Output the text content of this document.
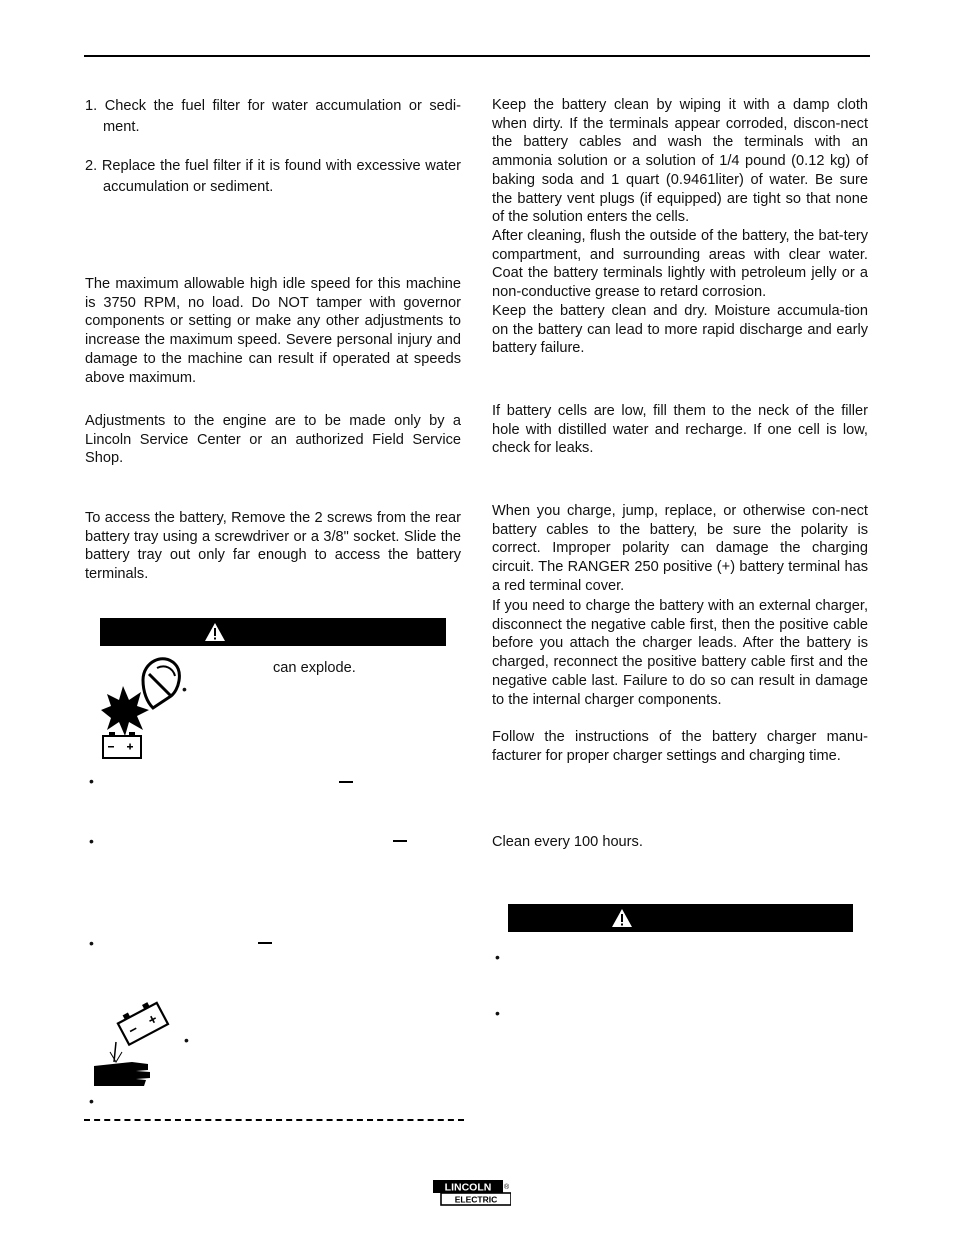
1. Check the fuel filter for water accumulation or sedi-ment.

2. Replace the fuel filter if it is found with excessive water accumulation or sediment.

The maximum allowable high idle speed for this machine is 3750 RPM, no load. Do NOT tamper with governor components or setting or make any other adjustments to increase the maximum speed. Severe personal injury and damage to the machine can result if operated at speeds above maximum.

Adjustments to the engine are to be made only by a Lincoln Service Center or an authorized Field Service Shop.

To access the battery, Remove the 2 screws from the rear battery tray using a screwdriver or a 3/8" socket. Slide the battery tray out only far enough to access the battery terminals.

can explode.
•
•
•
•
•
•

Keep the battery clean by wiping it with a damp cloth when dirty. If the terminals appear corroded, discon-nect the battery cables and wash the terminals with an ammonia solution or a solution of 1/4 pound (0.12 kg) of baking soda and 1 quart (0.9461liter) of water. Be sure the battery vent plugs (if equipped) are tight so that none of the solution enters the cells.

After cleaning, flush the outside of the battery, the bat-tery compartment, and surrounding areas with clear water. Coat the battery terminals lightly with petroleum jelly or a non-conductive grease to retard corrosion.

Keep the battery clean and dry. Moisture accumula-tion on the battery can lead to more rapid discharge and early battery failure.

If battery cells are low, fill them to the neck of the filler hole with distilled water and recharge. If one cell is low, check for leaks.

When you charge, jump, replace, or otherwise con-nect battery cables to the battery, be sure the polarity is correct. Improper polarity can damage the charging circuit. The RANGER 250 positive (+) battery terminal has a red terminal cover.

If you need to charge the battery with an external charger, disconnect the negative cable first, then the positive cable before you attach the charger leads. After the battery is charged, reconnect the positive battery cable first and the negative cable last. Failure to do so can result in damage to the internal charger components.

Follow the instructions of the battery charger manu-facturer for proper charger settings and charging time.

Clean every 100 hours.
•
•
LINCOLN
ELECTRIC
®
